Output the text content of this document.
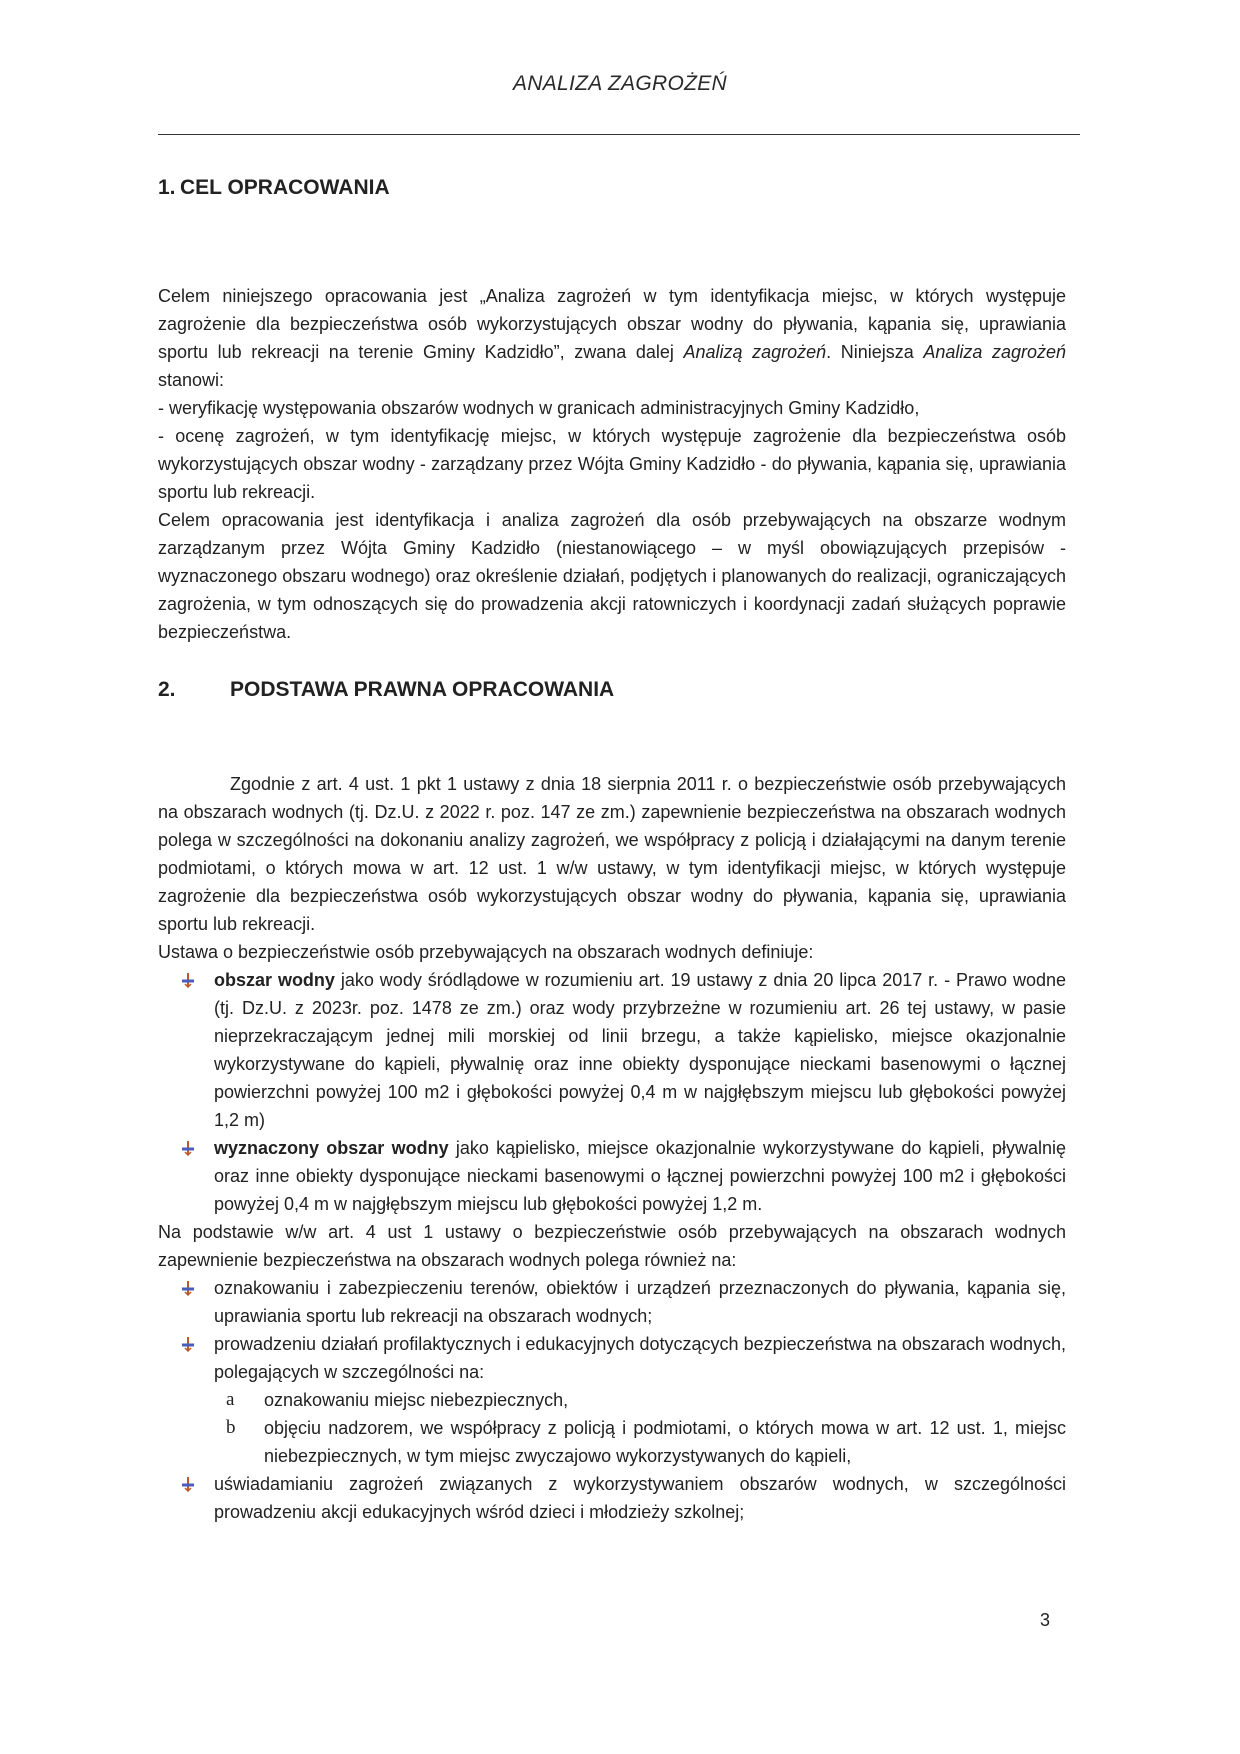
ANALIZA ZAGROŻEŃ
1. CEL OPRACOWANIA

Celem niniejszego opracowania jest „Analiza zagrożeń w tym identyfikacja miejsc, w których występuje zagrożenie dla bezpieczeństwa osób wykorzystujących obszar wodny do pływania, kąpania się, uprawiania sportu lub rekreacji na terenie Gminy Kadzidło”, zwana dalej Analizą zagrożeń. Niniejsza Analiza zagrożeń stanowi:

- weryfikację występowania obszarów wodnych w granicach administracyjnych Gminy Kadzidło,

- ocenę zagrożeń, w tym identyfikację miejsc, w których występuje zagrożenie dla bezpieczeństwa osób wykorzystujących obszar wodny - zarządzany przez Wójta Gminy Kadzidło - do pływania, kąpania się, uprawiania sportu lub rekreacji.

Celem opracowania jest identyfikacja i analiza zagrożeń dla osób przebywających na obszarze wodnym zarządzanym przez Wójta Gminy Kadzidło (niestanowiącego – w myśl obowiązujących przepisów - wyznaczonego obszaru wodnego) oraz określenie działań, podjętych i planowanych do realizacji, ograniczających zagrożenia, w tym odnoszących się do prowadzenia akcji ratowniczych i koordynacji zadań służących poprawie bezpieczeństwa.

2.	PODSTAWA PRAWNA OPRACOWANIA

Zgodnie z art. 4 ust. 1 pkt 1 ustawy z dnia 18 sierpnia 2011 r. o bezpieczeństwie osób przebywających na obszarach wodnych (tj. Dz.U. z 2022 r. poz. 147 ze zm.) zapewnienie bezpieczeństwa na obszarach wodnych polega w szczególności na dokonaniu analizy zagrożeń, we współpracy z policją i działającymi na danym terenie podmiotami, o których mowa w art. 12 ust. 1 w/w ustawy, w tym identyfikacji miejsc, w których występuje zagrożenie dla bezpieczeństwa osób wykorzystujących obszar wodny do pływania, kąpania się, uprawiania sportu lub rekreacji.

Ustawa o bezpieczeństwie osób przebywających na obszarach wodnych definiuje:

obszar wodny jako wody śródlądowe w rozumieniu art. 19 ustawy z dnia 20 lipca 2017 r. - Prawo wodne (tj. Dz.U. z 2023r. poz. 1478 ze zm.) oraz wody przybrzeżne w rozumieniu art. 26 tej ustawy, w pasie nieprzekraczającym jednej mili morskiej od linii brzegu, a także kąpielisko, miejsce okazjonalnie wykorzystywane do kąpieli, pływalnię oraz inne obiekty dysponujące nieckami basenowymi o łącznej powierzchni powyżej 100 m2 i głębokości powyżej 0,4 m w najgłębszym miejscu lub głębokości powyżej 1,2 m)
wyznaczony obszar wodny jako kąpielisko, miejsce okazjonalnie wykorzystywane do kąpieli, pływalnię oraz inne obiekty dysponujące nieckami basenowymi o łącznej powierzchni powyżej 100 m2 i głębokości powyżej 0,4 m w najgłębszym miejscu lub głębokości powyżej 1,2 m.

Na podstawie w/w art. 4 ust 1 ustawy o bezpieczeństwie osób przebywających na obszarach wodnych zapewnienie bezpieczeństwa na obszarach wodnych polega również na:

oznakowaniu i zabezpieczeniu terenów, obiektów i urządzeń przeznaczonych do pływania, kąpania się, uprawiania sportu lub rekreacji na obszarach wodnych;
prowadzeniu działań profilaktycznych i edukacyjnych dotyczących bezpieczeństwa na obszarach wodnych, polegających w szczególności na:
a oznakowaniu miejsc niebezpiecznych,
b objęciu nadzorem, we współpracy z policją i podmiotami, o których mowa w art. 12 ust. 1, miejsc niebezpiecznych, w tym miejsc zwyczajowo wykorzystywanych do kąpieli,
uświadamianiu zagrożeń związanych z wykorzystywaniem obszarów wodnych, w szczególności prowadzeniu akcji edukacyjnych wśród dzieci i młodzieży szkolnej;
3
